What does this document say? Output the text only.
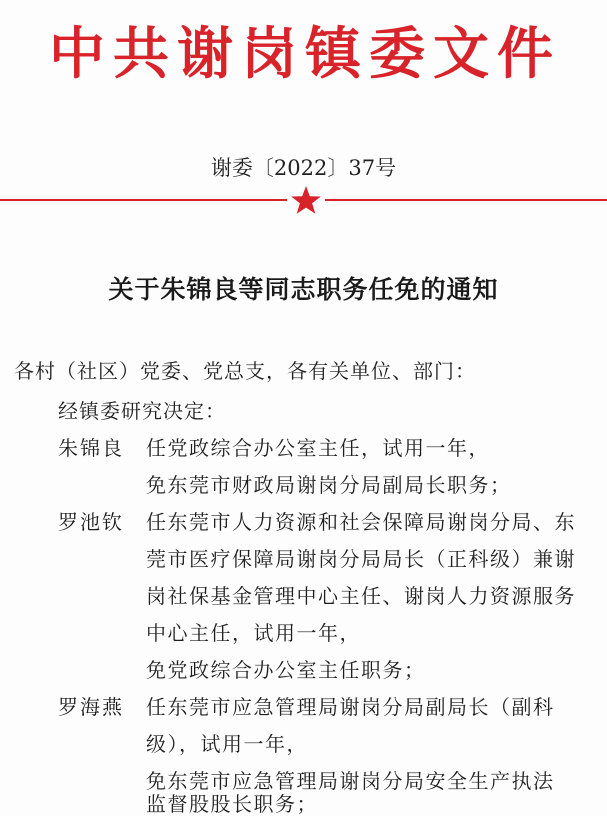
中共谢岗镇委文件
谢委〔2022〕37号
关于朱锦良等同志职务任免的通知
各村（社区）党委、党总支，各有关单位、部门：
经镇委研究决定：
朱锦良 任党政综合办公室主任，试用一年，
免东莞市财政局谢岗分局副局长职务；
罗池钦 任东莞市人力资源和社会保障局谢岗分局、东
莞市医疗保障局谢岗分局局长（正科级）兼谢
岗社保基金管理中心主任、谢岗人力资源服务
中心主任，试用一年，
免党政综合办公室主任职务；
罗海燕 任东莞市应急管理局谢岗分局副局长（副科
级），试用一年，
免东莞市应急管理局谢岗分局安全生产执法
监督股股长职务；
